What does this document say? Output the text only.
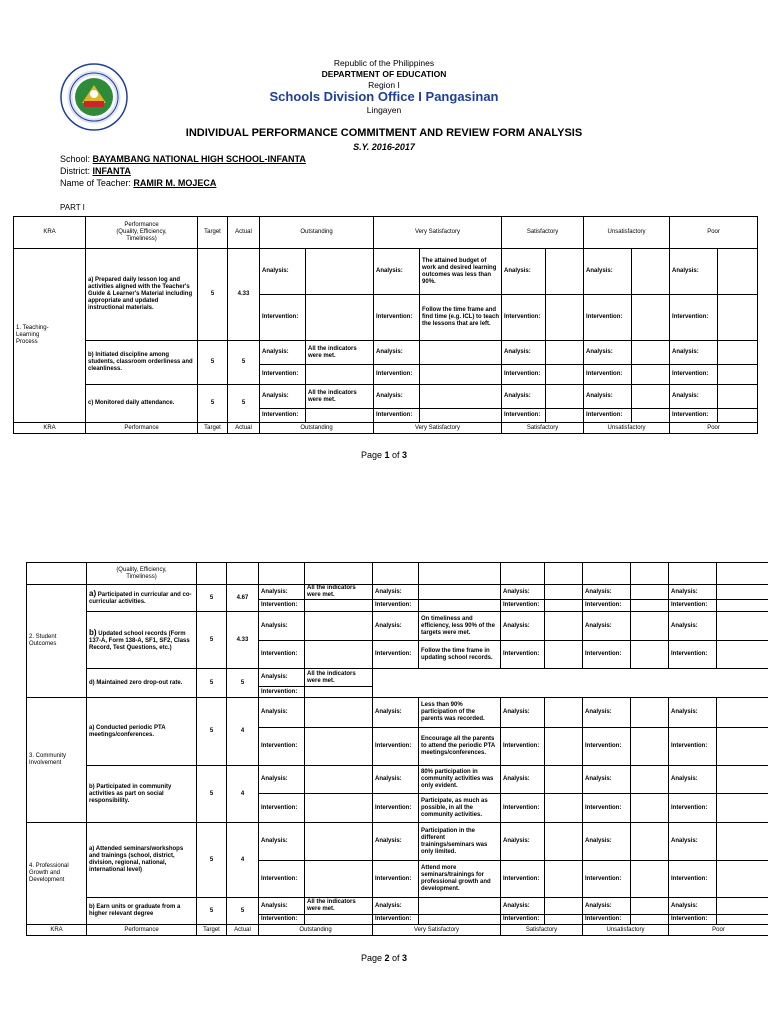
Republic of the Philippines
DEPARTMENT OF EDUCATION
Region I
Schools Division Office I Pangasinan
Lingayen
INDIVIDUAL PERFORMANCE COMMITMENT AND REVIEW FORM ANALYSIS
S.Y. 2016-2017
School: BAYAMBANG NATIONAL HIGH SCHOOL-INFANTA
District: INFANTA
Name of Teacher: RAMIR M. MOJECA
PART I
KRA	Performance
(Quality, Efficiency,
Timeliness)	Target	Actual	Outstanding		Very Satisfactory		Satisfactory		Unsatisfactory		Poor	
1. Teaching-
Learning
Process	a) Prepared daily lesson log and activities aligned with the Teacher's Guide & Learner's Material including appropriate and updated instructional materials.	5	4.33	Analysis:		Analysis:	The attained budget of work and desired learning outcomes was less than 90%.	Analysis:		Analysis:		Analysis:	
				Intervention:		Intervention:	Follow the time frame and find time (e.g. ICL) to teach the lessons that are left.	Intervention:		Intervention:		Intervention:	
	b) Initiated discipline among students, classroom orderliness and cleanliness.	5	5	Analysis:	All the indicators were met.	Analysis:		Analysis:		Analysis:		Analysis:	
				Intervention:		Intervention:		Intervention:		Intervention:		Intervention:	
	c) Monitored daily attendance.	5	5	Analysis:	All the indicators were met.	Analysis:		Analysis:		Analysis:		Analysis:	
				Intervention:		Intervention:		Intervention:		Intervention:		Intervention:	
KRA	Performance	Target	Actual	Outstanding		Very Satisfactory		Satisfactory		Unsatisfactory		Poor	
Page 1 of 3
	(Quality, Efficiency,
Timeliness)												
2. Student
Outcomes	a) Participated in curricular and co-curricular activities.	5	4.67	Analysis:	All the indicators were met.	Analysis:		Analysis:		Analysis:		Analysis:	
				Intervention:		Intervention:		Intervention:		Intervention:		Intervention:	
	b) Updated school records (Form 137-A, Form 138-A, SF1, SF2, Class Record, Test Questions, etc.)	5	4.33	Analysis:		Analysis:	On timeliness and efficiency, less 90% of the targets were met.	Analysis:		Analysis:		Analysis:	
				Intervention:		Intervention:	Follow the time frame in updating school records.	Intervention:		Intervention:		Intervention:	
	d) Maintained zero drop-out rate.	5	5	Analysis:	All the indicators were met.								
				Intervention:									
3. Community
Involvement	a) Conducted periodic PTA meetings/conferences.	5	4	Analysis:		Analysis:	Less than 90% participation of the parents was recorded.	Analysis:		Analysis:		Analysis:	
				Intervention:		Intervention:	Encourage all the parents to attend the periodic PTA meetings/conferences.	Intervention:		Intervention:		Intervention:	
	b) Participated in community activities as part on social responsibility.	5	4	Analysis:		Analysis:	80% participation in community activities was only evident.	Analysis:		Analysis:		Analysis:	
				Intervention:		Intervention:	Participate, as much as possible, in all the community activities.	Intervention:		Intervention:		Intervention:	
4. Professional
Growth and
Development	a) Attended seminars/workshops and trainings (school, district, division, regional, national, international level)	5	4	Analysis:		Analysis:	Participation in the different trainings/seminars was only limited.	Analysis:		Analysis:		Analysis:	
				Intervention:		Intervention:	Attend more seminars/trainings for professional growth and development.	Intervention:		Intervention:		Intervention:	
	b) Earn units or graduate from a higher relevant degree	5	5	Analysis:	All the indicators were met.	Analysis:		Analysis:		Analysis:		Analysis:	
				Intervention:		Intervention:		Intervention:		Intervention:		Intervention:	
KRA	Performance	Target	Actual	Outstanding		Very Satisfactory		Satisfactory		Unsatisfactory		Poor	
Page 2 of 3
